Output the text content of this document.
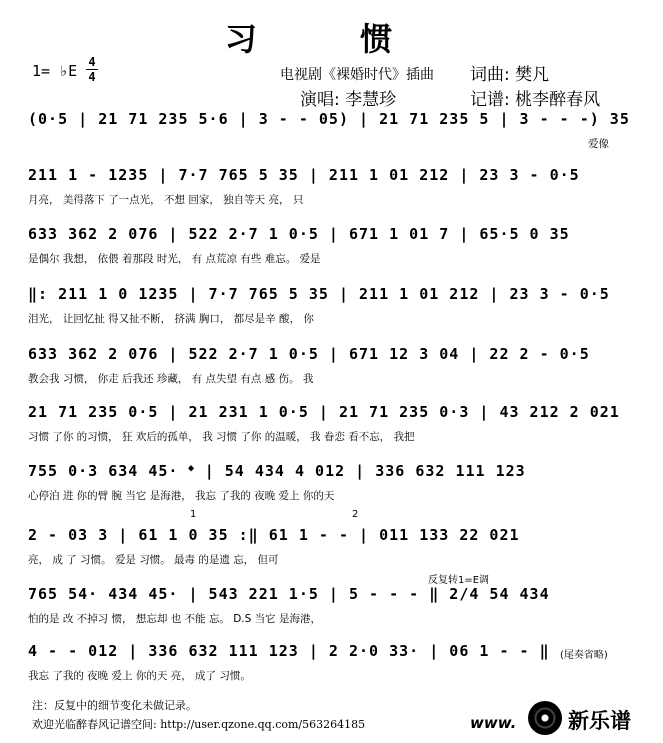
习 惯
1= ♭E 4
4	电视剧《裸婚时代》插曲 词曲: 樊凡
演唱: 李慧珍	记谱: 桃李醉春风
(0·5 | 21 71 235 5·6 | 3 - - 05) | 21 71 235 5 | 3 - - -) 35
爱像
211 1 - 1235 | 7·7 765 5 35 | 211 1 01 212 | 23 3 - 0·5
月亮， 美得落下 了一点光， 不想 回家， 独自等天 亮， 只
633 362 2 076 | 522 2·7 1 0·5 | 671 1 01 7 | 65·5 0 35
是偶尔 我想， 依偎 着那段 时光， 有 点荒凉 有些 难忘。 爱是
‖: 211 1 0 1235 | 7·7 765 5 35 | 211 1 01 212 | 23 3 - 0·5
泪光， 让回忆扯 得又扯不断， 挤满 胸口， 都尽是辛 酸， 你
633 362 2 076 | 522 2·7 1 0·5 | 671 12 3 04 | 22 2 - 0·5
教会我 习惯， 你走 后我还 珍藏， 有 点失望 有点 感 伤。 我
21 71 235 0·5 | 21 231 1 0·5 | 21 71 235 0·3 | 43 212 2 021
习惯 了你 的习惯， 狂 欢后的孤单， 我 习惯 了你 的温暖， 我 眷恋 看不忘， 我把
755 0·3 634 45· 𝄌 | 54 434 4 012 | 336 632 111 123
心停泊 进 你的臂 腕 当它 是海港， 我忘 了我的 夜晚 爱上 你的天
1	2
2 - 03 3 | 61 1 0 35 :‖ 61 1 - - | 011 133 22 021
亮， 成 了 习惯。 爱是 习惯。 最毒 的是遗 忘， 但可
反复转1=E调
765 54· 434 45· | 543 221 1·5 | 5 - - - ‖ 2/4 54 434
怕的是 改 不掉习 惯， 想忘却 也 不能 忘。 D.S 当它 是海港，
4 - - 012 | 336 632 111 123 | 2 2·0 33· | 06 1 - - ‖
我忘 了我的 夜晚 爱上 你的天 亮， 成了 习惯。
(尾奏省略)
注：反复中的细节变化未做记录。
欢迎光临醉春风记谱空间: http://user.qzone.qq.com/563264185	www. 新乐谱
